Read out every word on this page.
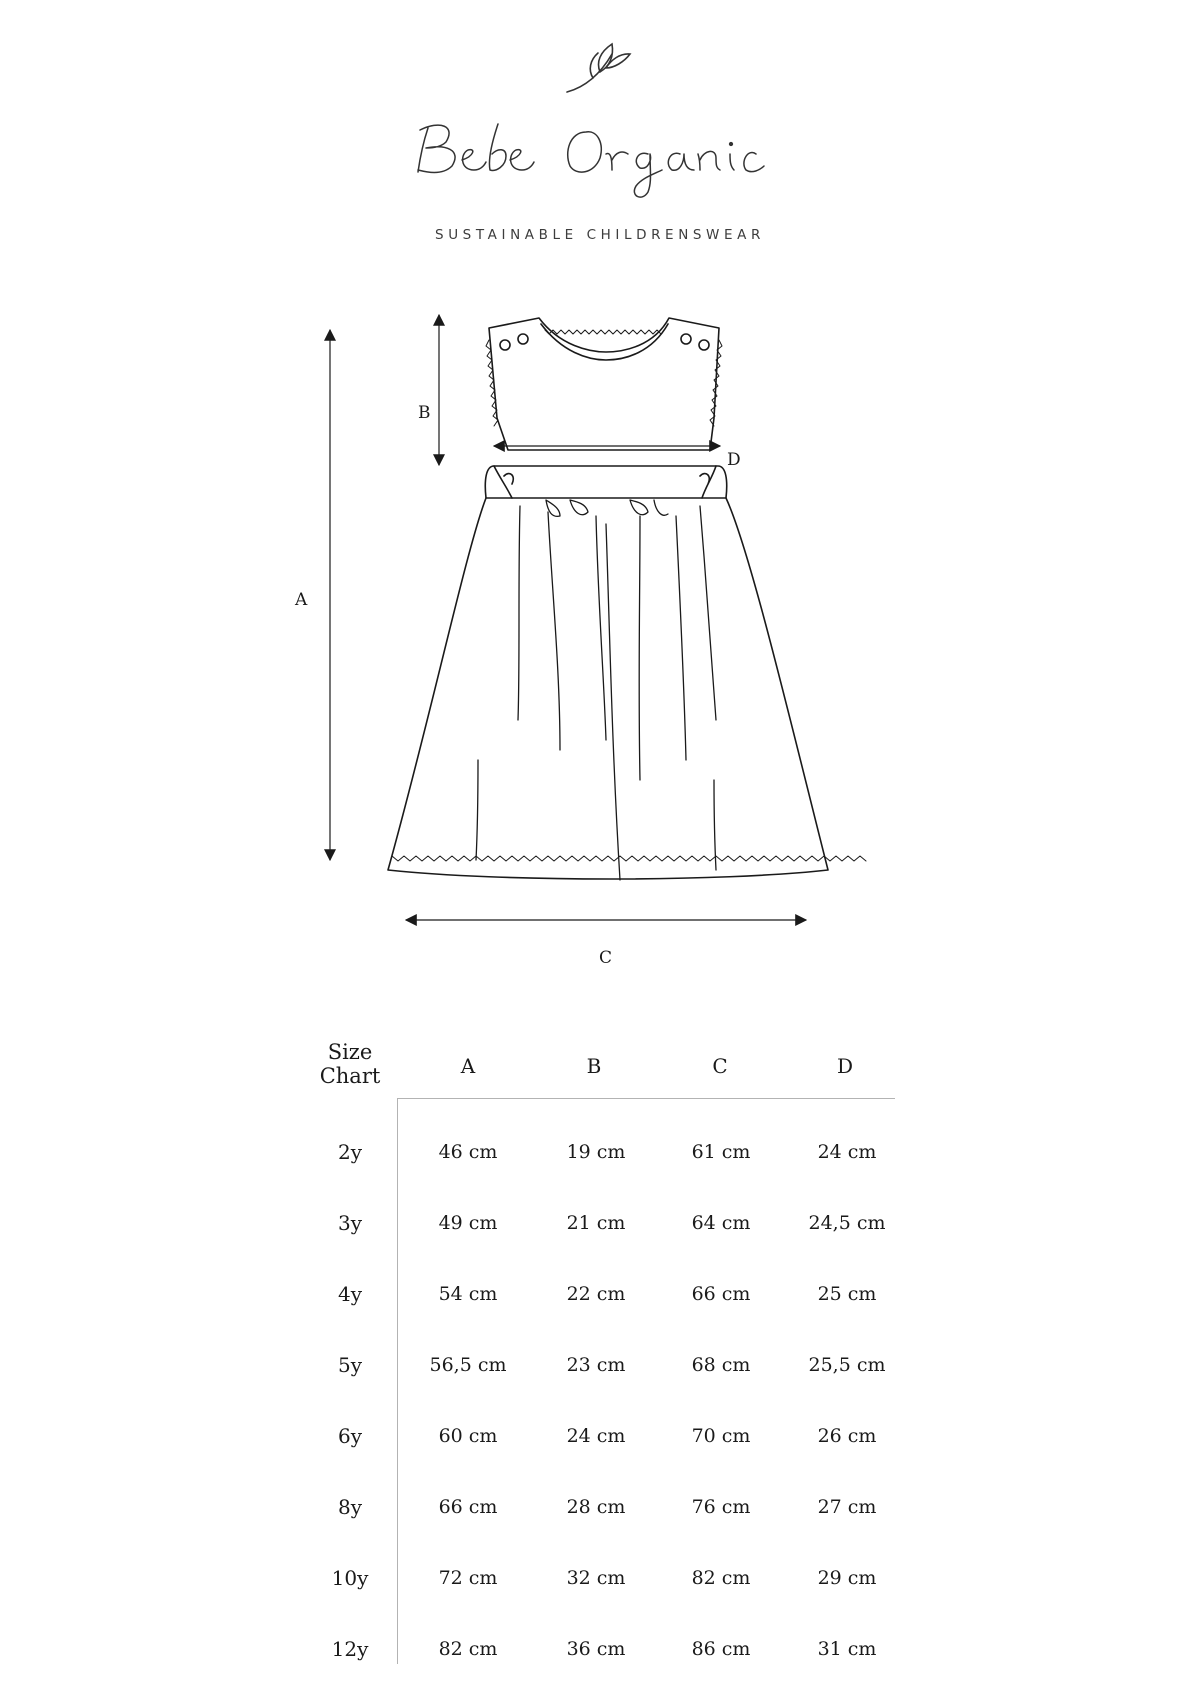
SUSTAINABLE CHILDRENSWEAR
A
B
C
D
Size
Chart	A	B	C	D
2y	46 cm	19 cm	61 cm	24 cm
3y	49 cm	21 cm	64 cm	24,5 cm
4y	54 cm	22 cm	66 cm	25 cm
5y	56,5 cm	23 cm	68 cm	25,5 cm
6y	60 cm	24 cm	70 cm	26 cm
8y	66 cm	28 cm	76 cm	27 cm
10y	72 cm	32 cm	82 cm	29 cm
12y	82 cm	36 cm	86 cm	31 cm
